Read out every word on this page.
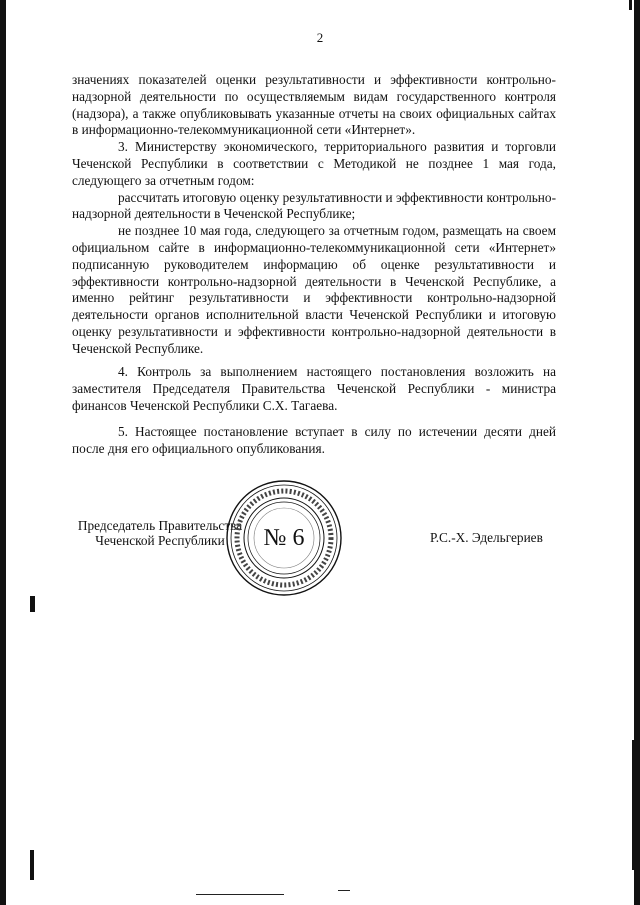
2

значениях показателей оценки результативности и эффективности контрольно-надзорной деятельности по осуществляемым видам государственного контроля (надзора), а также опубликовывать указанные отчеты на своих официальных сайтах в информационно-телекоммуникационной сети «Интернет».

3. Министерству экономического, территориального развития и торговли Чеченской Республики в соответствии с Методикой не позднее 1 мая года, следующего за отчетным годом:

рассчитать итоговую оценку результативности и эффективности контрольно-надзорной деятельности в Чеченской Республике;

не позднее 10 мая года, следующего за отчетным годом, размещать на своем официальном сайте в информационно-телекоммуникационной сети «Интернет» подписанную руководителем информацию об оценке результативности и эффективности контрольно-надзорной деятельности в Чеченской Республике, а именно рейтинг результативности и эффективности контрольно-надзорной деятельности органов исполнительной власти Чеченской Республики и итоговую оценку результативности и эффективности контрольно-надзорной деятельности в Чеченской Республике.

4. Контроль за выполнением настоящего постановления возложить на заместителя Председателя Правительства Чеченской Республики - министра финансов Чеченской Республики С.Х. Тагаева.

5. Настоящее постановление вступает в силу по истечении десяти дней после дня его официального опубликования.

Председатель Правительства
Чеченской Республики	№ 6	Р.С.-Х. Эдельгериев
